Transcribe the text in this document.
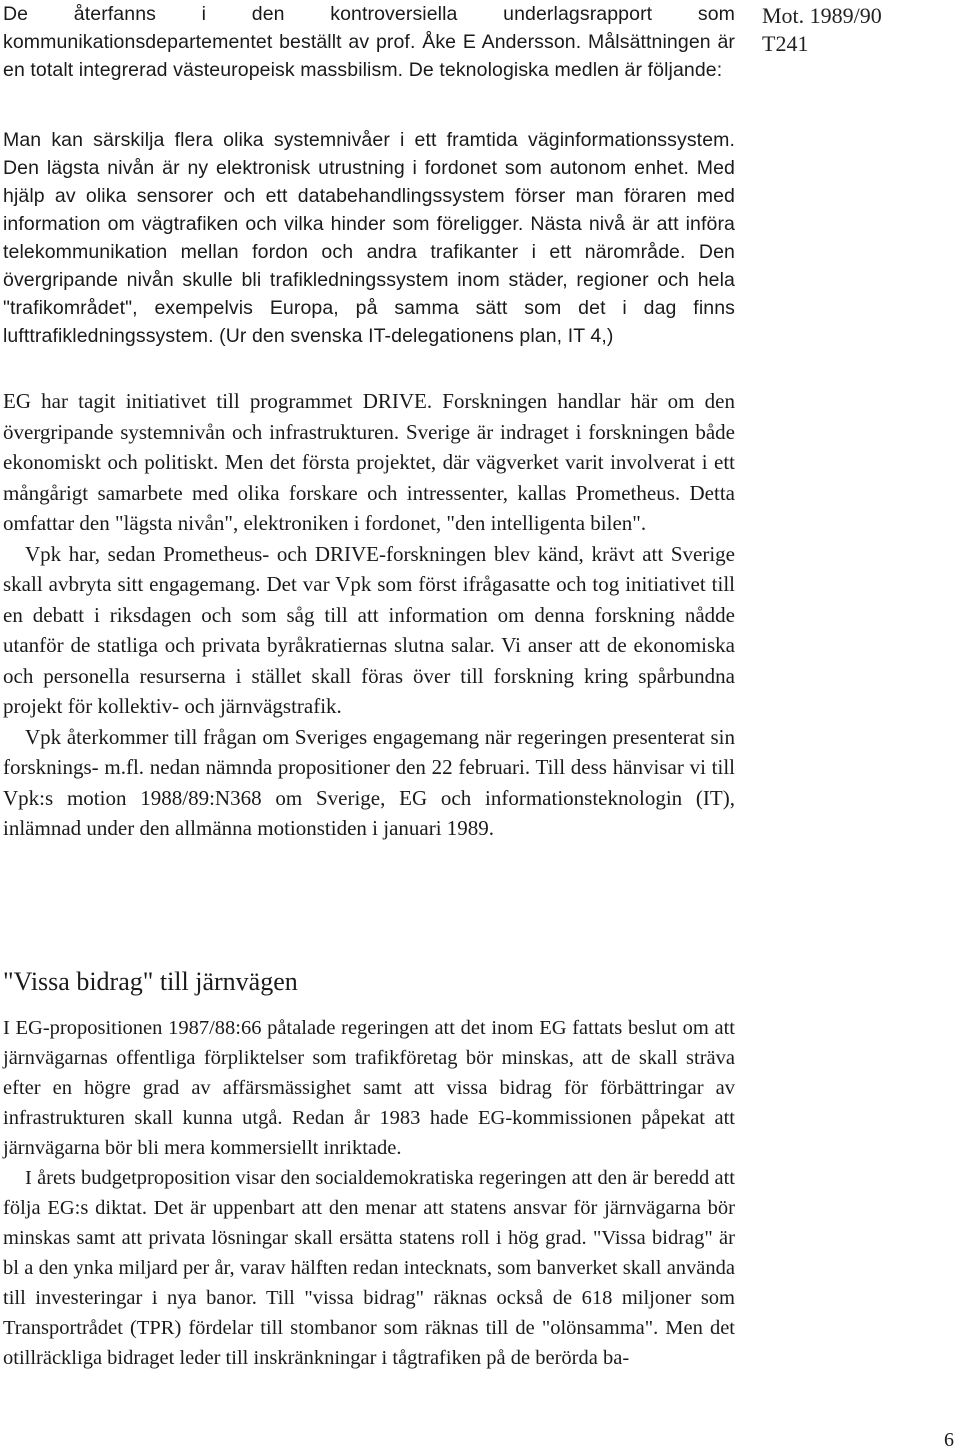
Mot. 1989/90
T241

De återfanns i den kontroversiella underlagsrapport som kommunikationsdepartementet beställt av prof. Åke E Andersson. Målsättningen är en totalt integrerad västeuropeisk massbilism. De teknologiska medlen är följande:

Man kan särskilja flera olika systemnivåer i ett framtida väginformationssystem. Den lägsta nivån är ny elektronisk utrustning i fordonet som autonom enhet. Med hjälp av olika sensorer och ett databehandlingssystem förser man föraren med information om vägtrafiken och vilka hinder som föreligger. Nästa nivå är att införa telekommunikation mellan fordon och andra trafikanter i ett närområde. Den övergripande nivån skulle bli trafikledningssystem inom städer, regioner och hela "trafikområdet", exempelvis Europa, på samma sätt som det i dag finns lufttrafikledningssystem. (Ur den svenska IT-delegationens plan, IT 4,)

EG har tagit initiativet till programmet DRIVE. Forskningen handlar här om den övergripande systemnivån och infrastrukturen. Sverige är indraget i forskningen både ekonomiskt och politiskt. Men det första projektet, där vägverket varit involverat i ett mångårigt samarbete med olika forskare och intressenter, kallas Prometheus. Detta omfattar den "lägsta nivån", elektroniken i fordonet, "den intelligenta bilen".

Vpk har, sedan Prometheus- och DRIVE-forskningen blev känd, krävt att Sverige skall avbryta sitt engagemang. Det var Vpk som först ifrågasatte och tog initiativet till en debatt i riksdagen och som såg till att information om denna forskning nådde utanför de statliga och privata byråkratiernas slutna salar. Vi anser att de ekonomiska och personella resurserna i stället skall föras över till forskning kring spårbundna projekt för kollektiv- och järnvägstrafik.

Vpk återkommer till frågan om Sveriges engagemang när regeringen presenterat sin forsknings- m.fl. nedan nämnda propositioner den 22 februari. Till dess hänvisar vi till Vpk:s motion 1988/89:N368 om Sverige, EG och informationsteknologin (IT), inlämnad under den allmänna motionstiden i januari 1989.

"Vissa bidrag" till järnvägen

I EG-propositionen 1987/88:66 påtalade regeringen att det inom EG fattats beslut om att järnvägarnas offentliga förpliktelser som trafikföretag bör minskas, att de skall sträva efter en högre grad av affärsmässighet samt att vissa bidrag för förbättringar av infrastrukturen skall kunna utgå. Redan år 1983 hade EG-kommissionen påpekat att järnvägarna bör bli mera kommersiellt inriktade.

I årets budgetproposition visar den socialdemokratiska regeringen att den är beredd att följa EG:s diktat. Det är uppenbart att den menar att statens ansvar för järnvägarna bör minskas samt att privata lösningar skall ersätta statens roll i hög grad. "Vissa bidrag" är bl a den ynka miljard per år, varav hälften redan intecknats, som banverket skall använda till investeringar i nya banor. Till "vissa bidrag" räknas också de 618 miljoner som Transportrådet (TPR) fördelar till stombanor som räknas till de "olönsamma". Men det otillräckliga bidraget leder till inskränkningar i tågtrafiken på de berörda ba-

6
